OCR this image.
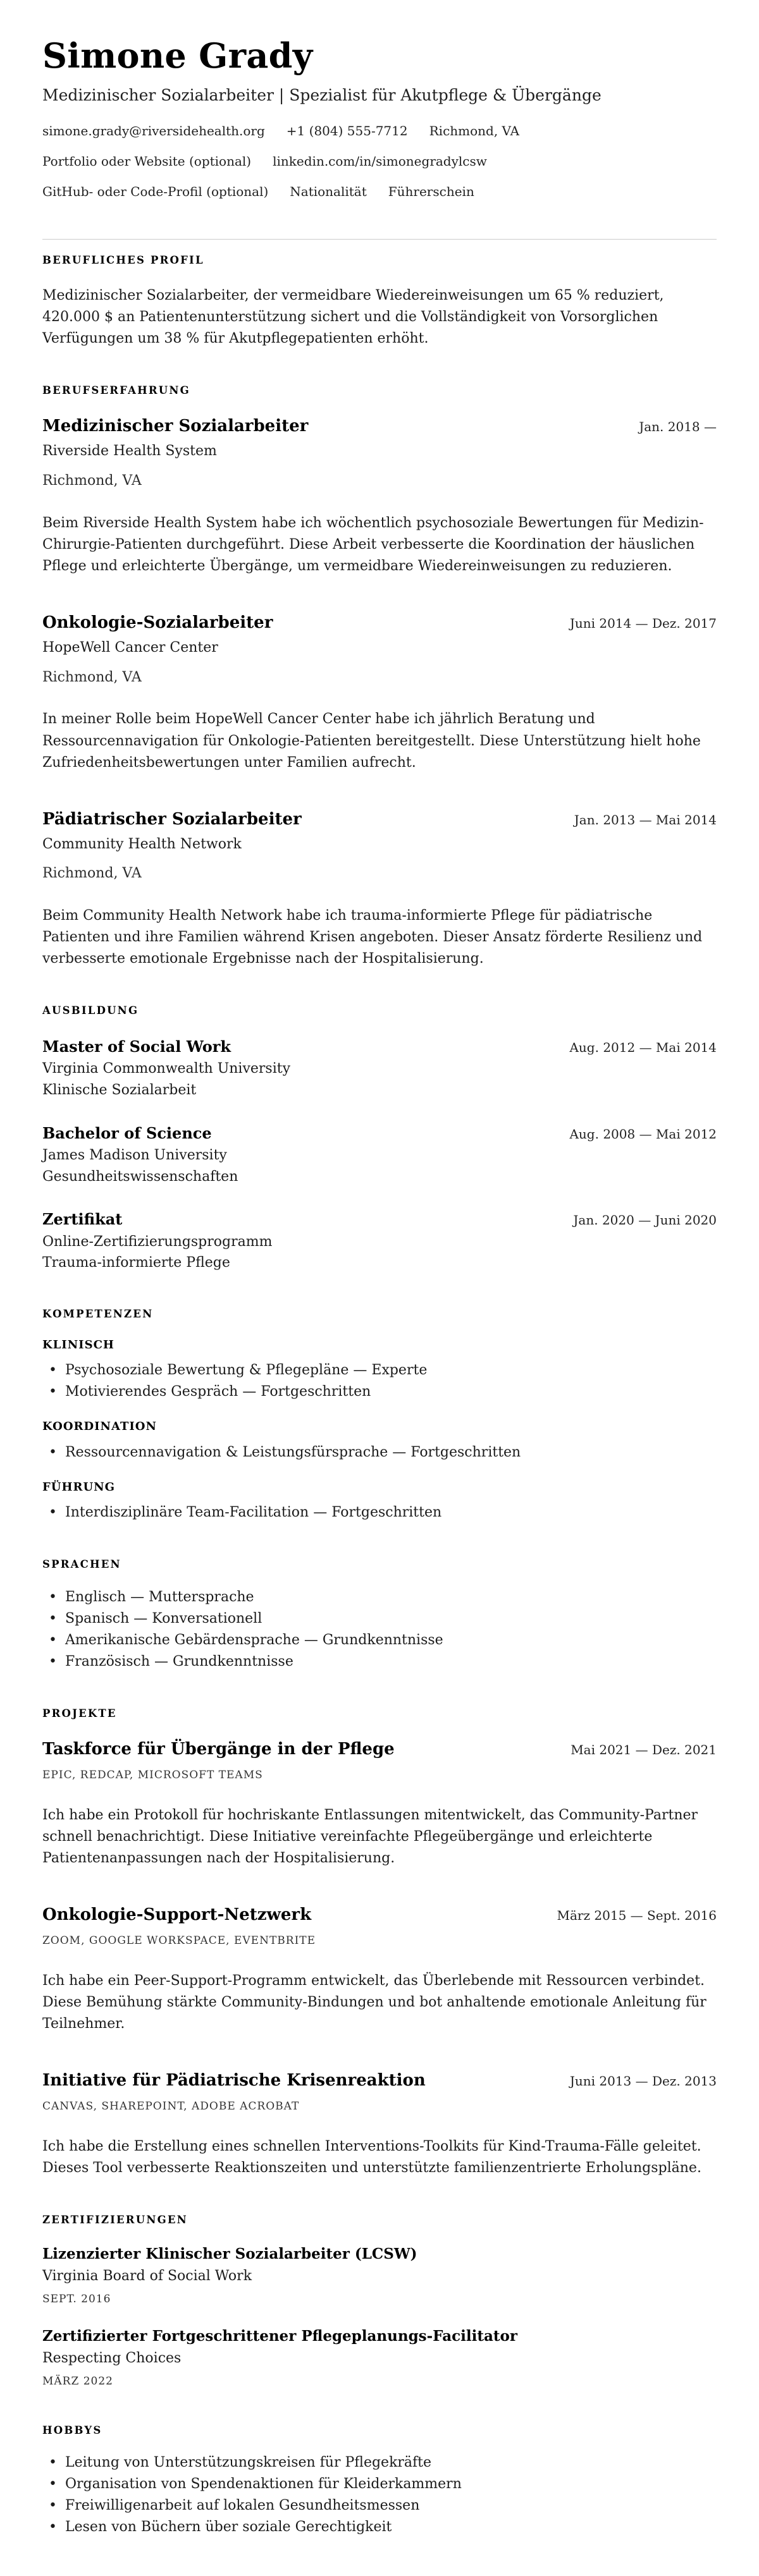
Simone Grady

Medizinischer Sozialarbeiter | Spezialist für Akutpflege & Übergänge

simone.grady@riversidehealth.org +1 (804) 555-7712 Richmond, VA
Portfolio oder Website (optional) linkedin.com/in/simonegradylcsw
GitHub- oder Code-Profil (optional) Nationalität Führerschein
BERUFLICHES PROFIL

Medizinischer Sozialarbeiter, der vermeidbare Wiedereinweisungen um 65 % reduziert, 420.000 $ an Patientenunterstützung sichert und die Vollständigkeit von Vorsorglichen Verfügungen um 38 % für Akutpflegepatienten erhöht.

BERUFSERFAHRUNG
Medizinischer Sozialarbeiter	Jan. 2018 —

Riverside Health System

Richmond, VA

Beim Riverside Health System habe ich wöchentlich psychosoziale Bewertungen für Medizin-Chirurgie-Patienten durchgeführt. Diese Arbeit verbesserte die Koordination der häuslichen Pflege und erleichterte Übergänge, um vermeidbare Wiedereinweisungen zu reduzieren.

Onkologie-Sozialarbeiter	Juni 2014 — Dez. 2017

HopeWell Cancer Center

Richmond, VA

In meiner Rolle beim HopeWell Cancer Center habe ich jährlich Beratung und Ressourcennavigation für Onkologie-Patienten bereitgestellt. Diese Unterstützung hielt hohe Zufriedenheitsbewertungen unter Familien aufrecht.

Pädiatrischer Sozialarbeiter	Jan. 2013 — Mai 2014

Community Health Network

Richmond, VA

Beim Community Health Network habe ich trauma-informierte Pflege für pädiatrische Patienten und ihre Familien während Krisen angeboten. Dieser Ansatz förderte Resilienz und verbesserte emotionale Ergebnisse nach der Hospitalisierung.

AUSBILDUNG
Master of Social Work	Aug. 2012 — Mai 2014

Virginia Commonwealth University

Klinische Sozialarbeit

Bachelor of Science	Aug. 2008 — Mai 2012

James Madison University

Gesundheitswissenschaften

Zertifikat	Jan. 2020 — Juni 2020

Online-Zertifizierungsprogramm

Trauma-informierte Pflege

KOMPETENZEN
KLINISCH
• Psychosoziale Bewertung & Pflegepläne — Experte
• Motivierendes Gespräch — Fortgeschritten
KOORDINATION
• Ressourcennavigation & Leistungsfürsprache — Fortgeschritten
FÜHRUNG
• Interdisziplinäre Team-Facilitation — Fortgeschritten
SPRACHEN
• Englisch — Muttersprache
• Spanisch — Konversationell
• Amerikanische Gebärdensprache — Grundkenntnisse
• Französisch — Grundkenntnisse
PROJEKTE
Taskforce für Übergänge in der Pflege	Mai 2021 — Dez. 2021

EPIC, REDCAP, MICROSOFT TEAMS

Ich habe ein Protokoll für hochriskante Entlassungen mitentwickelt, das Community-Partner schnell benachrichtigt. Diese Initiative vereinfachte Pflegeübergänge und erleichterte Patientenanpassungen nach der Hospitalisierung.

Onkologie-Support-Netzwerk	März 2015 — Sept. 2016

ZOOM, GOOGLE WORKSPACE, EVENTBRITE

Ich habe ein Peer-Support-Programm entwickelt, das Überlebende mit Ressourcen verbindet. Diese Bemühung stärkte Community-Bindungen und bot anhaltende emotionale Anleitung für Teilnehmer.

Initiative für Pädiatrische Krisenreaktion	Juni 2013 — Dez. 2013

CANVAS, SHAREPOINT, ADOBE ACROBAT

Ich habe die Erstellung eines schnellen Interventions-Toolkits für Kind-Trauma-Fälle geleitet. Dieses Tool verbesserte Reaktionszeiten und unterstützte familienzentrierte Erholungspläne.

ZERTIFIZIERUNGEN
Lizenzierter Klinischer Sozialarbeiter (LCSW)

Virginia Board of Social Work

SEPT. 2016

Zertifizierter Fortgeschrittener Pflegeplanungs-Facilitator

Respecting Choices

MÄRZ 2022

HOBBYS
• Leitung von Unterstützungskreisen für Pflegekräfte
• Organisation von Spendenaktionen für Kleiderkammern
• Freiwilligenarbeit auf lokalen Gesundheitsmessen
• Lesen von Büchern über soziale Gerechtigkeit
